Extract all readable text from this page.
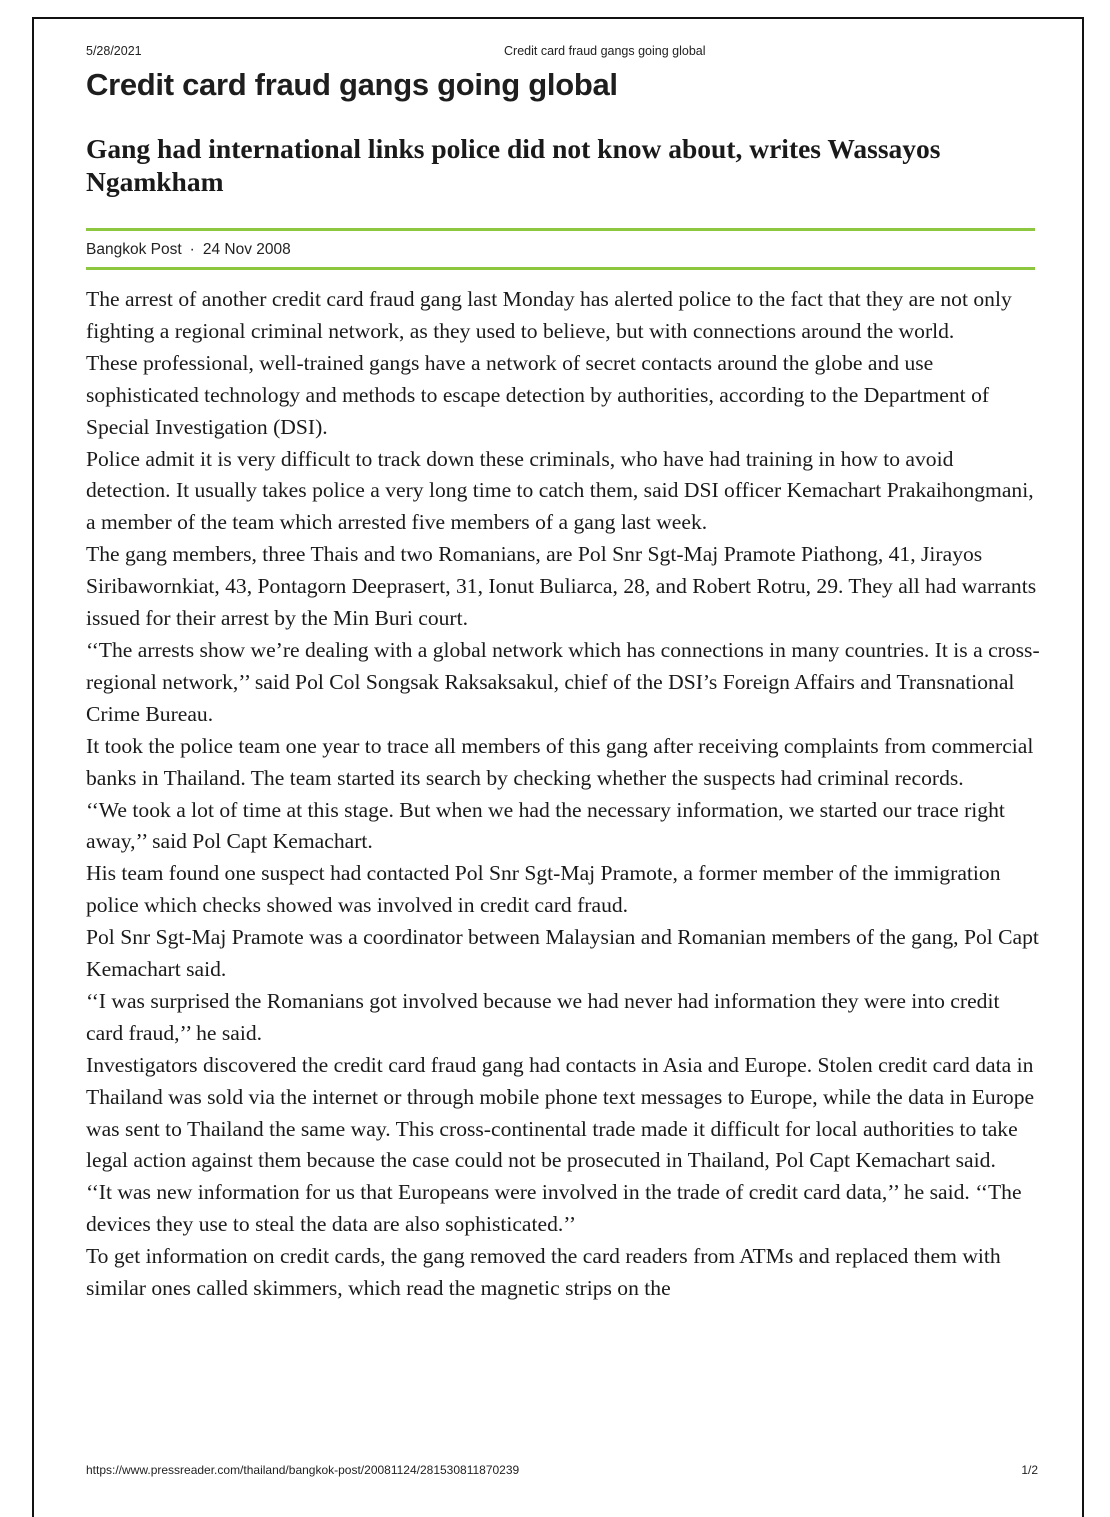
5/28/2021	Credit card fraud gangs going global
Credit card fraud gangs going global
Gang had international links police did not know about, writes Wassayos Ngamkham
Bangkok Post · 24 Nov 2008

The arrest of another credit card fraud gang last Monday has alerted police to the fact that they are not only fighting a regional criminal network, as they used to believe, but with connections around the world.

These professional, well-trained gangs have a network of secret contacts around the globe and use sophisticated technology and methods to escape detection by authorities, according to the Department of Special Investigation (DSI).

Police admit it is very difficult to track down these criminals, who have had training in how to avoid detection. It usually takes police a very long time to catch them, said DSI officer Kemachart Prakaihongmani, a member of the team which arrested five members of a gang last week.

The gang members, three Thais and two Romanians, are Pol Snr Sgt-Maj Pramote Piathong, 41, Jirayos Siribawornkiat, 43, Pontagorn Deeprasert, 31, Ionut Buliarca, 28, and Robert Rotru, 29. They all had warrants issued for their arrest by the Min Buri court.

‘‘The arrests show we’re dealing with a global network which has connections in many countries. It is a cross-regional network,’’ said Pol Col Songsak Raksaksakul, chief of the DSI’s Foreign Affairs and Transnational Crime Bureau.

It took the police team one year to trace all members of this gang after receiving complaints from commercial banks in Thailand. The team started its search by checking whether the suspects had criminal records.

‘‘We took a lot of time at this stage. But when we had the necessary information, we started our trace right away,’’ said Pol Capt Kemachart.

His team found one suspect had contacted Pol Snr Sgt-Maj Pramote, a former member of the immigration police which checks showed was involved in credit card fraud.

Pol Snr Sgt-Maj Pramote was a coordinator between Malaysian and Romanian members of the gang, Pol Capt Kemachart said.

‘‘I was surprised the Romanians got involved because we had never had information they were into credit card fraud,’’ he said.

Investigators discovered the credit card fraud gang had contacts in Asia and Europe. Stolen credit card data in Thailand was sold via the internet or through mobile phone text messages to Europe, while the data in Europe was sent to Thailand the same way. This cross-continental trade made it difficult for local authorities to take legal action against them because the case could not be prosecuted in Thailand, Pol Capt Kemachart said.

‘‘It was new information for us that Europeans were involved in the trade of credit card data,’’ he said. ‘‘The devices they use to steal the data are also sophisticated.’’

To get information on credit cards, the gang removed the card readers from ATMs and replaced them with similar ones called skimmers, which read the magnetic strips on the

https://www.pressreader.com/thailand/bangkok-post/20081124/281530811870239	1/2
